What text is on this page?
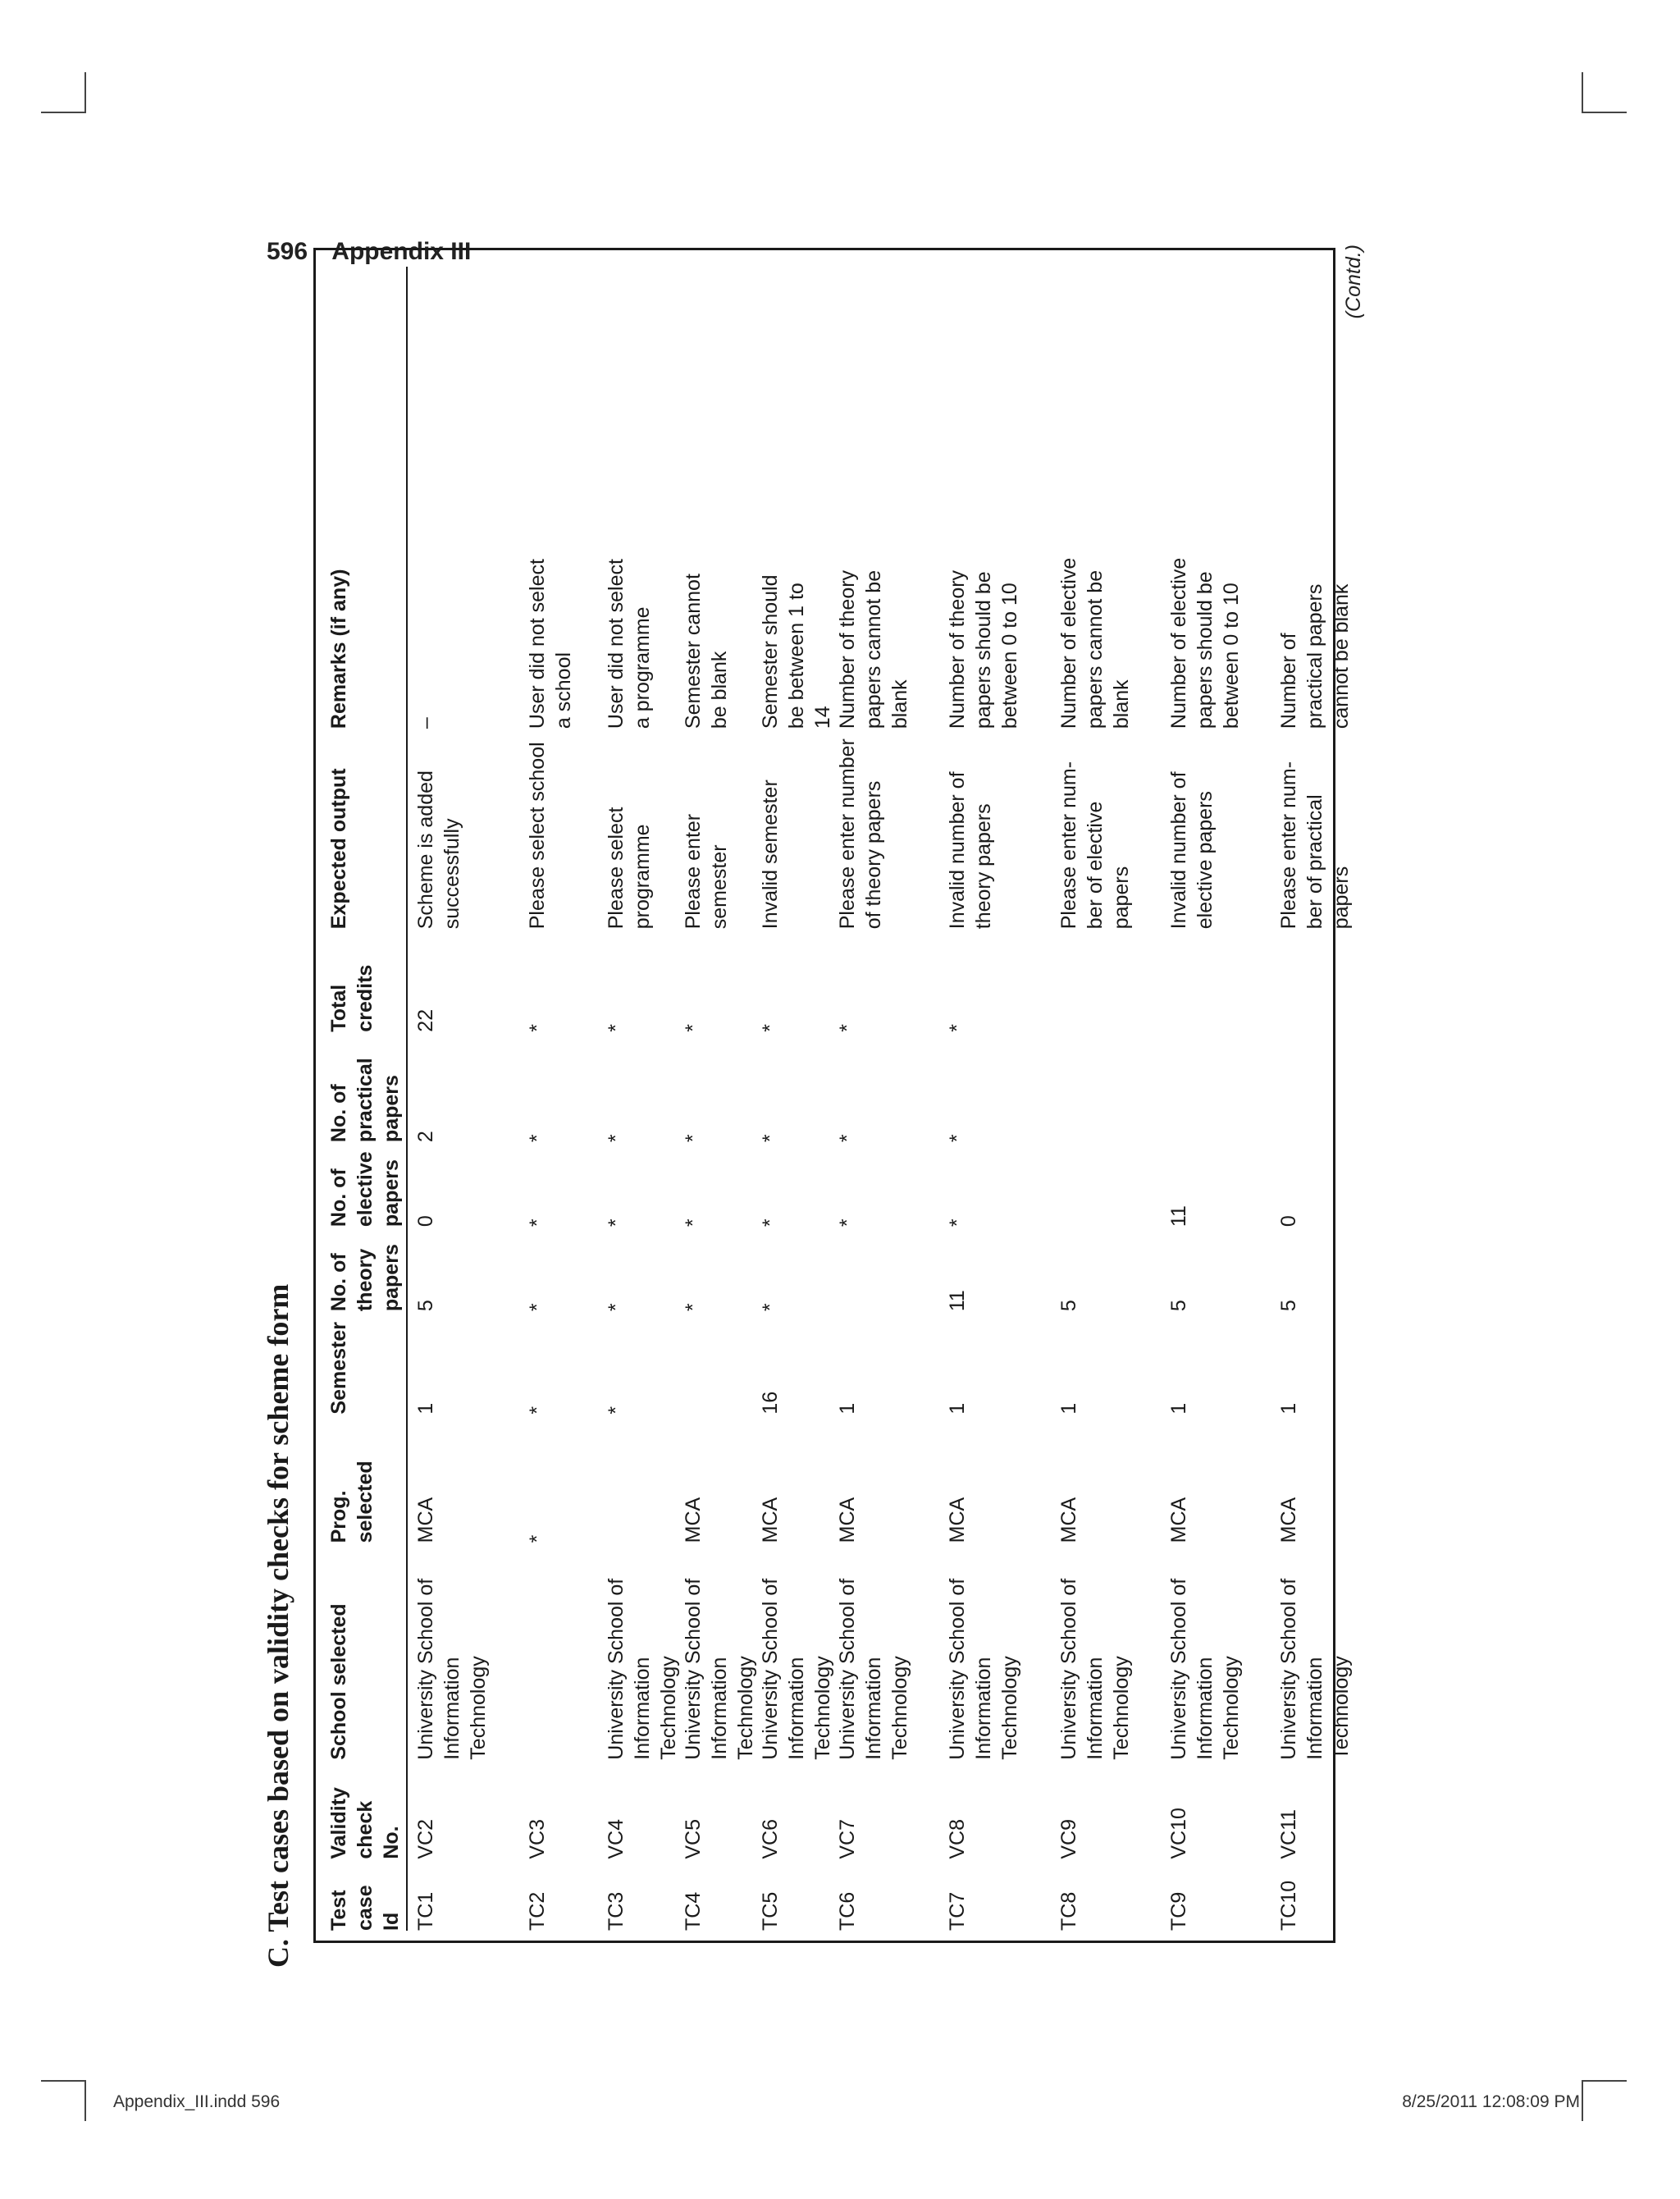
596 Appendix III
C. Test cases based on validity checks for scheme form Test case Id
Validity check No.
School selected
Prog. selected
Semester
No. of theory papers
No. of elective papers
No. of practical papers
Total credits
Expected output
Remarks (if any)
TC1
VC2
University School of Information Technology
MCA
1
5
0
2
22
Scheme is added successfully
–
TC2
VC3
*
*
*
*
*
*
Please select school
User did not select a school
TC3
VC4
University School of Information Technology
*
*
*
*
*
Please select programme
User did not select a programme
TC4
VC5
University School of Information Technology
MCA
*
*
*
*
Please enter semester
Semester cannot be blank
TC5
VC6
University School of Information Technology
MCA
16
*
*
*
*
Invalid semester
Semester should be between 1 to 14
TC6
VC7
University School of Information Technology
MCA
1
*
*
*
Please enter number of theory papers
Number of theory papers cannot be blank
TC7
VC8
University School of Information Technology
MCA
1
11
*
*
*
Invalid number of theory papers
Number of theory papers should be between 0 to 10
TC8
VC9
University School of Information Technology
MCA
1
5
Please enter num-ber of elective papers
Number of elective papers cannot be blank
TC9
VC10
University School of Information Technology
MCA
1
5
11
Invalid number of elective papers
Number of elective papers should be between 0 to 10
TC10
VC11
University School of Information Technology
MCA
1
5
0
Please enter num-ber of practical papers
Number of practical papers cannot be blank
(Contd.)
Appendix_III.indd 596	8/25/2011 12:08:09 PM
